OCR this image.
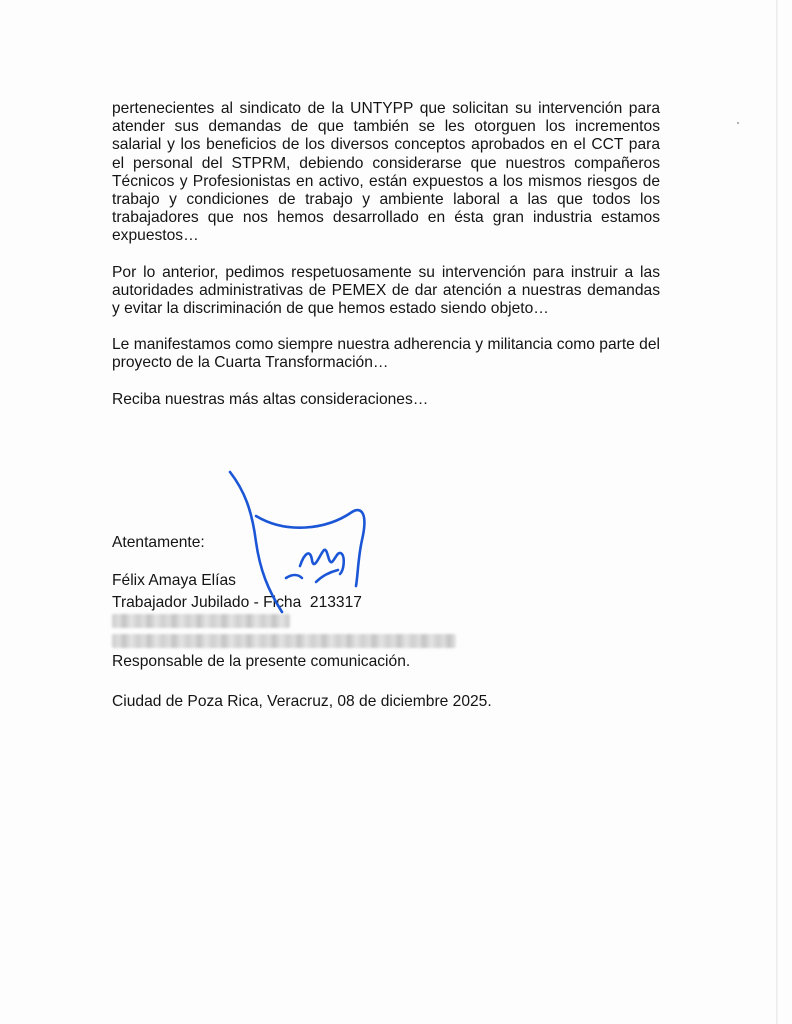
pertenecientes al sindicato de la UNTYPP que solicitan su intervención para atender sus demandas de que también se les otorguen los incrementos salarial y los beneficios de los diversos conceptos aprobados en el CCT para el personal del STPRM, debiendo considerarse que nuestros compañeros Técnicos y Profesionistas en activo, están expuestos a los mismos riesgos de trabajo y condiciones de trabajo y ambiente laboral a las que todos los trabajadores que nos hemos desarrollado en ésta gran industria estamos expuestos…

Por lo anterior, pedimos respetuosamente su intervención para instruir a las autoridades administrativas de PEMEX de dar atención a nuestras demandas y evitar la discriminación de que hemos estado siendo objeto…

Le manifestamos como siempre nuestra adherencia y militancia como parte del proyecto de la Cuarta Transformación…

Reciba nuestras más altas consideraciones…

Atentamente:
Félix Amaya Elías
Trabajador Jubilado - Ficha  213317
Responsable de la presente comunicación.
Ciudad de Poza Rica, Veracruz, 08 de diciembre 2025.
